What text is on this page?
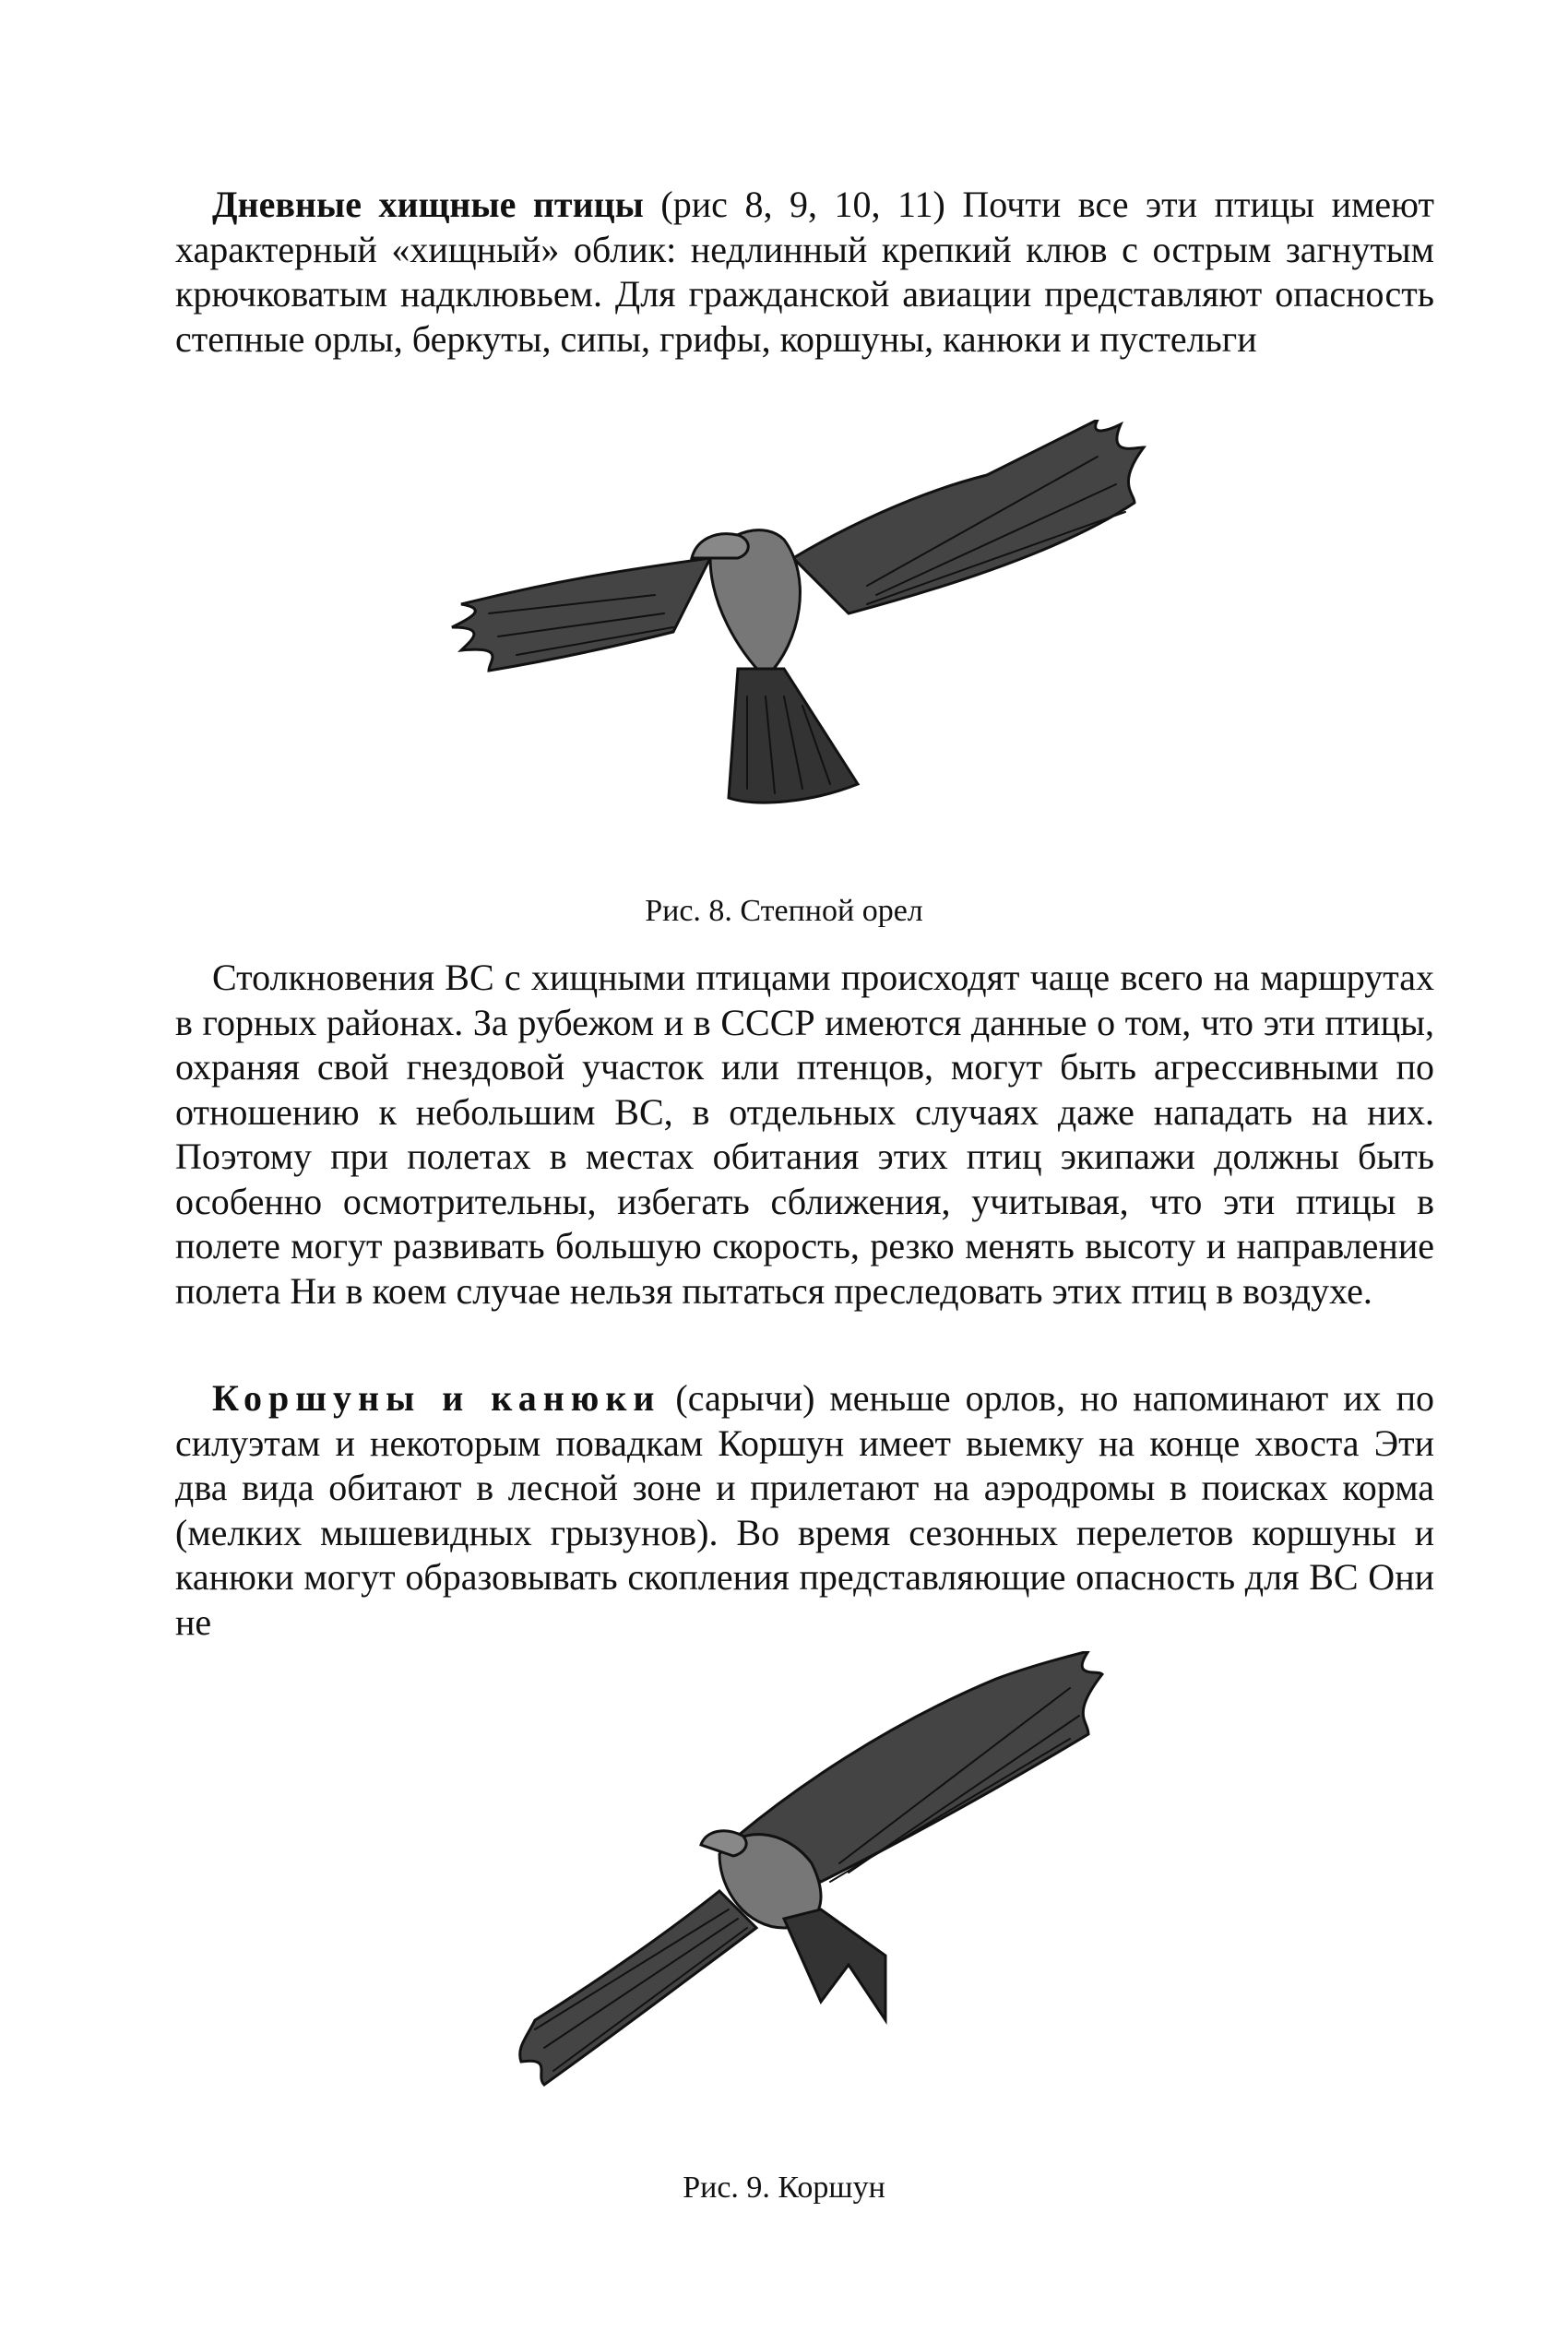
Дневные хищные птицы (рис 8, 9, 10, 11) Почти все эти птицы имеют характерный «хищный» облик: недлинный крепкий клюв с острым загнутым крючковатым надклювьем. Для гражданской авиации представляют опасность степные орлы, беркуты, сипы, грифы, коршуны, канюки и пустельги

Рис. 8. Степной орел

Столкновения ВС с хищными птицами происходят чаще всего на маршрутах в горных районах. За рубежом и в СССР имеются данные о том, что эти птицы, охраняя свой гнездовой участок или птенцов, могут быть агрессивными по отношению к небольшим ВС, в отдельных случаях даже нападать на них. Поэтому при полетах в местах обитания этих птиц экипажи должны быть особенно осмотрительны, избегать сближения, учитывая, что эти птицы в полете могут развивать большую скорость, резко менять высоту и направление полета Ни в коем случае нельзя пытаться преследовать этих птиц в воздухе.

Коршуны и канюки (сарычи) меньше орлов, но напоминают их по силуэтам и некоторым повадкам Коршун имеет выемку на конце хвоста Эти два вида обитают в лесной зоне и прилетают на аэродромы в поисках корма (мелких мышевидных грызунов). Во время сезонных перелетов коршуны и канюки могут образовывать скопления представляющие опасность для ВС Они не

Рис. 9. Коршун
